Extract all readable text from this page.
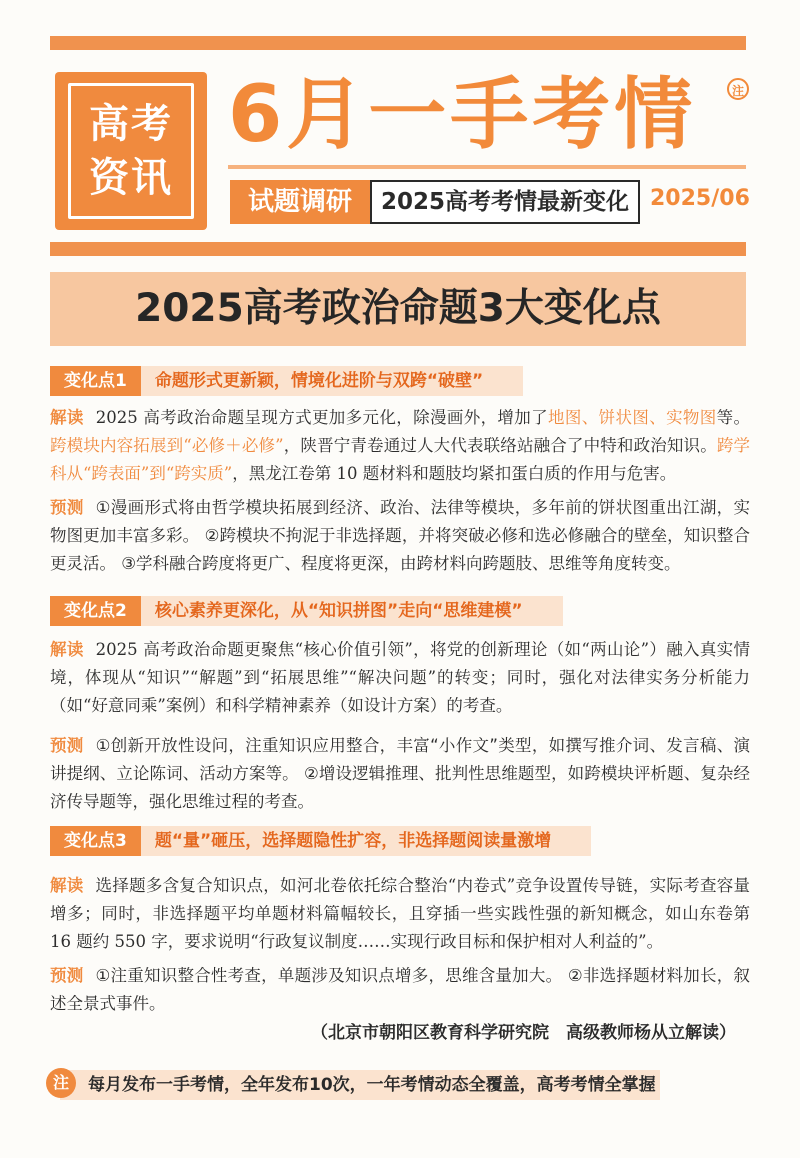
高考
资讯
6月一手考情	注
试题调研	2025高考考情最新变化 2025/06
2025高考政治命题3大变化点
变化点1 命题形式更新颖，情境化进阶与双跨“破壁”
解读 2025 高考政治命题呈现方式更加多元化，除漫画外，增加了地图、饼状图、实物图等。跨模块内容拓展到“必修＋必修”，陕晋宁青卷通过人大代表联络站融合了中特和政治知识。跨学科从“跨表面”到“跨实质”，黑龙江卷第 10 题材料和题肢均紧扣蛋白质的作用与危害。
预测 ①漫画形式将由哲学模块拓展到经济、政治、法律等模块，多年前的饼状图重出江湖，实物图更加丰富多彩。 ②跨模块不拘泥于非选择题，并将突破必修和选必修融合的壁垒，知识整合更灵活。 ③学科融合跨度将更广、程度将更深，由跨材料向跨题肢、思维等角度转变。
变化点2 核心素养更深化，从“知识拼图”走向“思维建模”
解读 2025 高考政治命题更聚焦“核心价值引领”，将党的创新理论（如“两山论”）融入真实情境，体现从“知识”“解题”到“拓展思维”“解决问题”的转变；同时，强化对法律实务分析能力（如“好意同乘”案例）和科学精神素养（如设计方案）的考查。
预测 ①创新开放性设问，注重知识应用整合，丰富“小作文”类型，如撰写推介词、发言稿、演讲提纲、立论陈词、活动方案等。 ②增设逻辑推理、批判性思维题型，如跨模块评析题、复杂经济传导题等，强化思维过程的考查。
变化点3 题“量”砸压，选择题隐性扩容，非选择题阅读量激增
解读 选择题多含复合知识点，如河北卷依托综合整治“内卷式”竞争设置传导链，实际考查容量增多；同时，非选择题平均单题材料篇幅较长，且穿插一些实践性强的新知概念，如山东卷第 16 题约 550 字，要求说明“行政复议制度……实现行政目标和保护相对人利益的”。
预测 ①注重知识整合性考查，单题涉及知识点增多，思维含量加大。 ②非选择题材料加长，叙述全景式事件。
（北京市朝阳区教育科学研究院　高级教师杨从立解读）
注	每月发布一手考情，全年发布10次，一年考情动态全覆盖，高考考情全掌握
